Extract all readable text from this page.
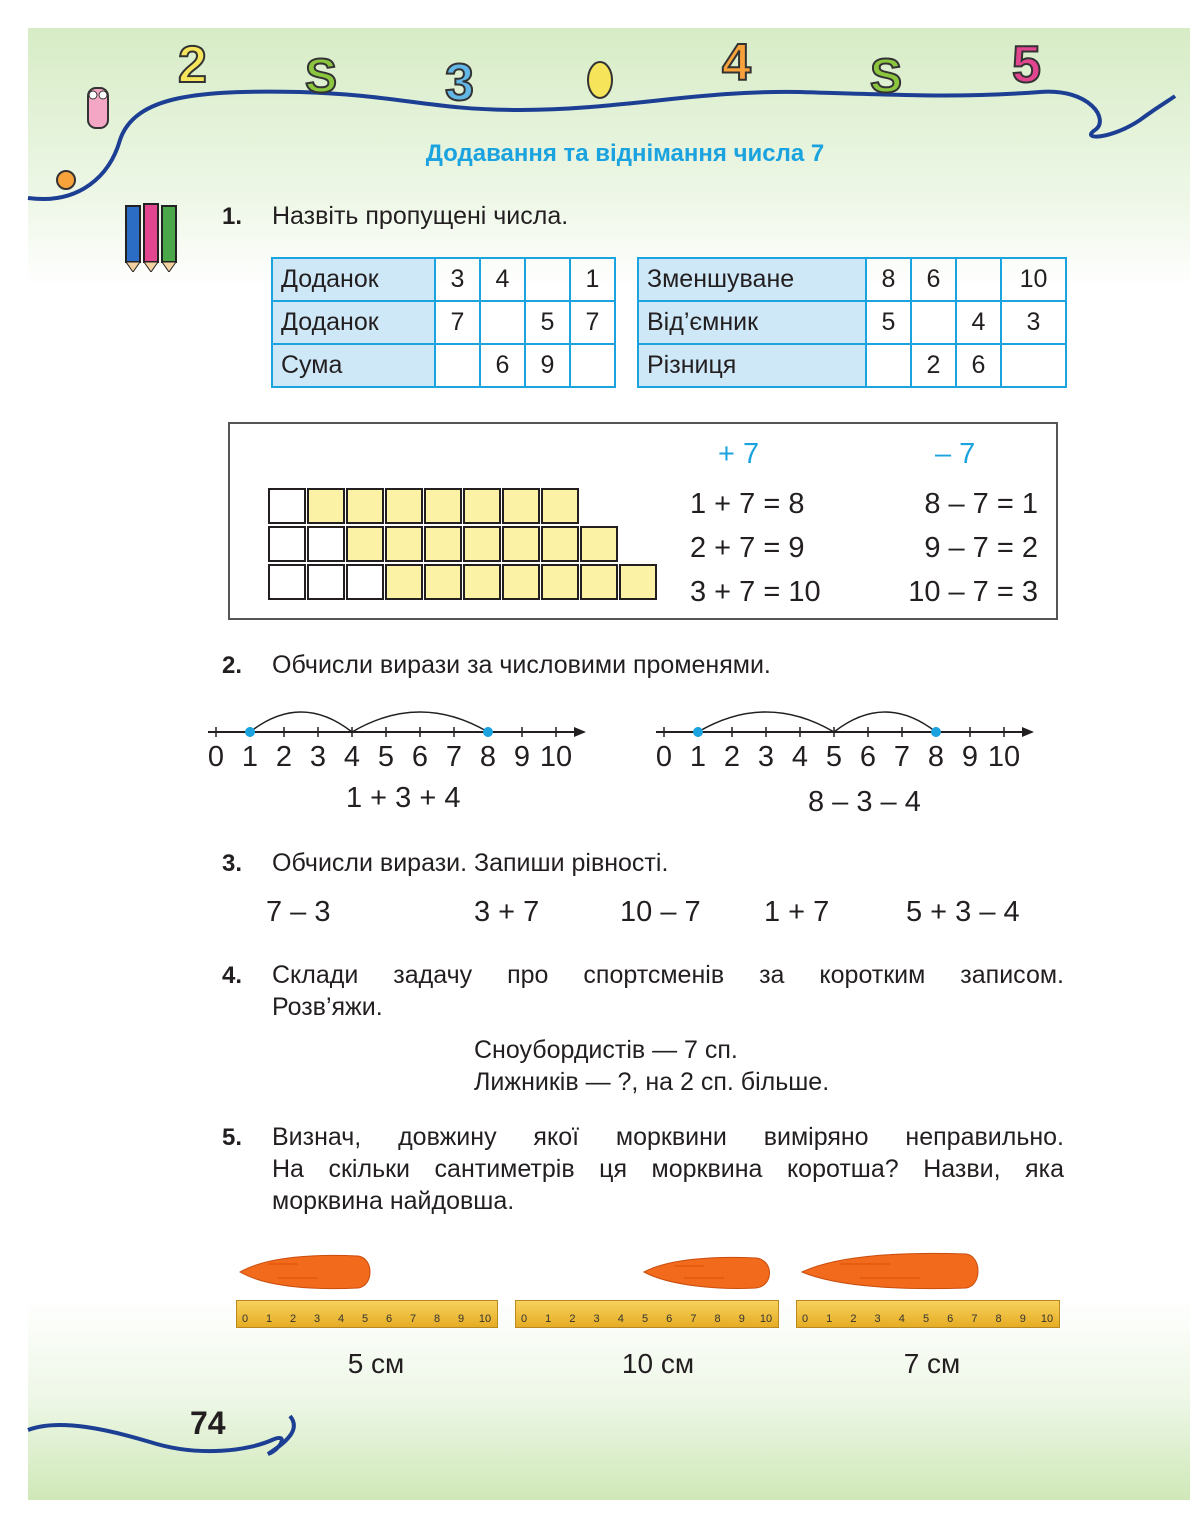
2	3	4	5
S	S
Додавання та віднімання числа 7
1. Назвіть пропущені числа.
Доданок	3	4		1
Доданок	7		5	7
Сума		6	9	
Зменшуване	8	6		10
Від’ємник	5		4	3
Різниця		2	6	
+ 7	– 7
1 + 7 = 8
2 + 7 = 9
3 + 7 = 10
8 – 7 = 1
9 – 7 = 2
10 – 7 = 3
2. Обчисли вирази за числовими променями.
0 1 2 3 4 5 6 7 8 9 10	0 1 2 3 4 5 6 7 8 9 10
1 + 3 + 4	8 – 3 – 4
3. Обчисли вирази. Запиши рівності.
7 – 3	3 + 7	10 – 7 1 + 7	5 + 3 – 4
4. Склади задачу про спортсменів за коротким записом.
Розв’яжи.
Сноубордистів — 7 сп.
Лижників — ?, на 2 сп. більше.
5. Визнач, довжину якої морквини виміряно неправильно.
На скільки сантиметрів ця морквина коротша? Назви, яка
морквина найдовша.
0	1	2	3	4	5	6	7	8	9	10	0	1	2	3	4	5	6	7	8	9	10	0	1	2	3	4	5	6	7	8	9	10
5 см	10 см	7 см
74
